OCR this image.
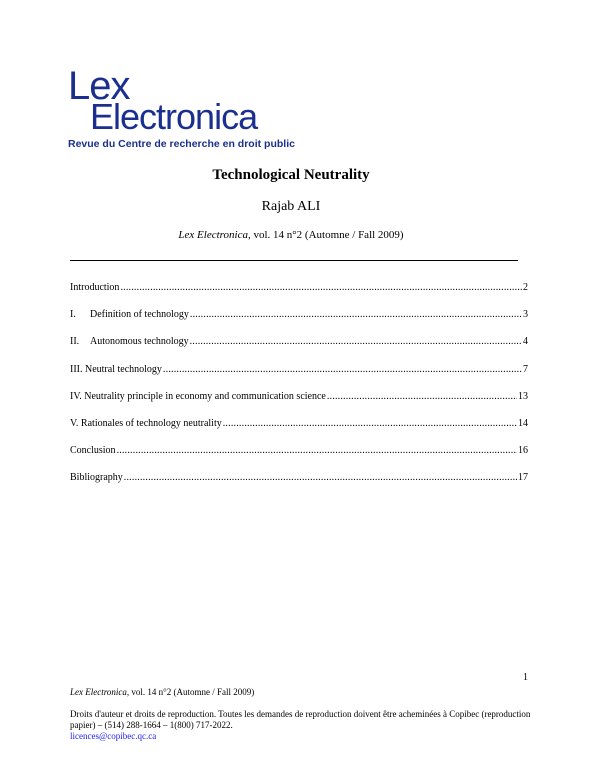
Lex
Electronica
Revue du Centre de recherche en droit public
Technological Neutrality
Rajab ALI
Lex Electronica, vol. 14 n°2 (Automne / Fall 2009)
Introduction .....	2
I. Definition of technology .....	3
II. Autonomous technology .....	4
III. Neutral technology .....	7
IV. Neutrality principle in economy and communication science .....	13
V. Rationales of technology neutrality .....	14
Conclusion .....	16
Bibliography .....	17
1
Lex Electronica, vol. 14 n°2 (Automne / Fall 2009)
Droits d'auteur et droits de reproduction. Toutes les demandes de reproduction doivent être acheminées à Copibec (reproduction papier) – (514) 288-1664 – 1(800) 717-2022.
licences@copibec.qc.ca
